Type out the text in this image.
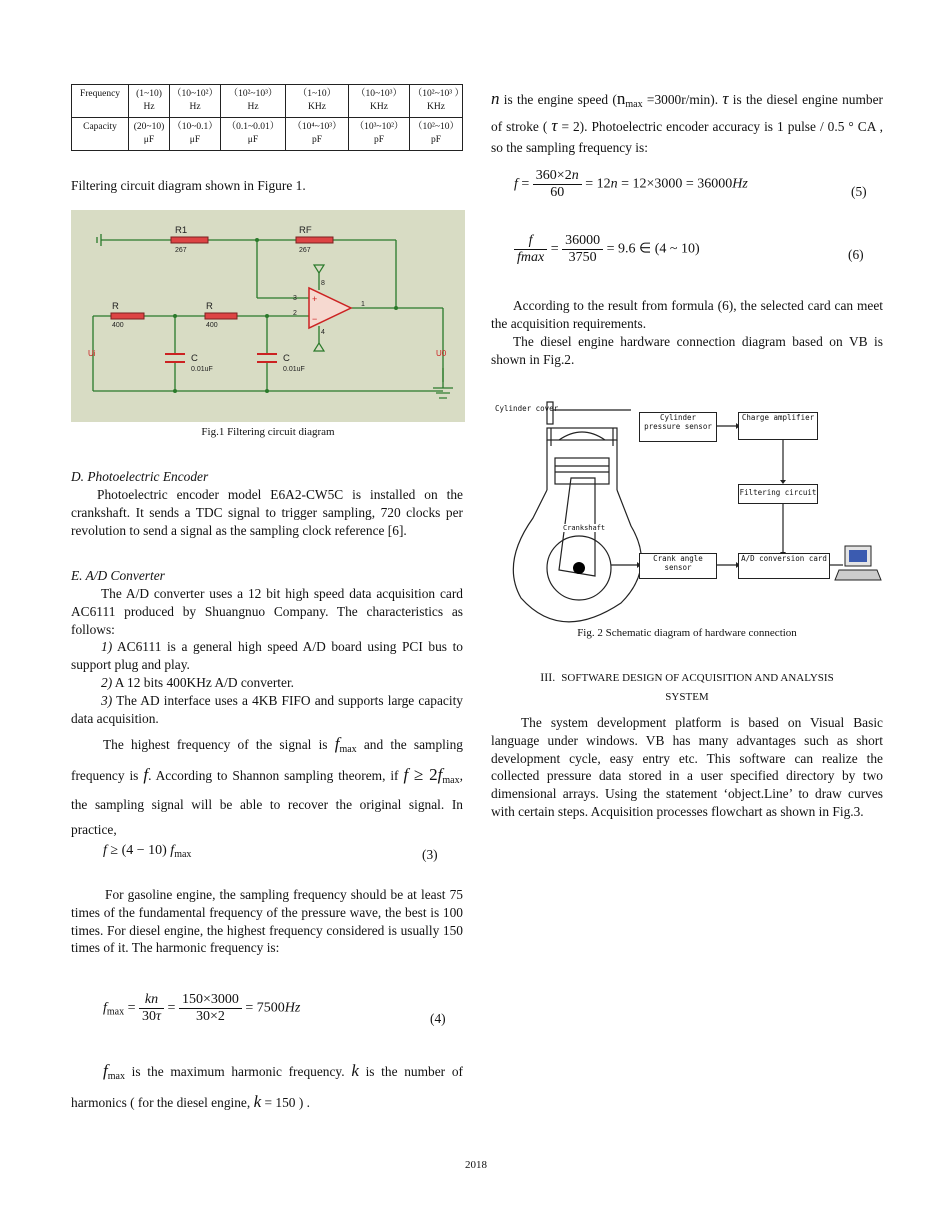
Frequency	(1~10) Hz	（10~10²） Hz	（10²~10³） Hz	（1~10） KHz	（10~10³） KHz	（10²~10³ ）KHz
Capacity	(20~10) μF	（10~0.1） μF	（0.1~0.01） μF	（10⁴~10³） pF	（10³~10²） pF	（10²~10） pF
Filtering circuit diagram shown in Figure 1.
R1
267
RF
267
R
400
R
400
C
0.01uF
C
0.01uF
3
2
1
8
4
+
−
Ui	U0
Fig.1 Filtering circuit diagram
D. Photoelectric Encoder
Photoelectric encoder model E6A2-CW5C is installed on the crankshaft. It sends a TDC signal to trigger sampling, 720 clocks per revolution to send a signal as the sampling clock reference [6].
E. A/D Converter
The A/D converter uses a 12 bit high speed data acquisition card AC6111 produced by Shuangnuo Company. The characteristics as follows:
1) AC6111 is a general high speed A/D board using PCI bus to support plug and play.
2) A 12 bits 400KHz A/D converter.
3) The AD interface uses a 4KB FIFO and supports large capacity data acquisition.
The highest frequency of the signal is $f_{max}$ and the sampling frequency is f. According to Shannon sampling theorem, if $f \ge 2f_{max}$, the sampling signal will be able to recover the original signal. In practice,
f ≥ (4 − 10) $f_{max}$	(3)
For gasoline engine, the sampling frequency should be at least 75 times of the fundamental frequency of the pressure wave, the best is 100 times. For diesel engine, the highest frequency considered is usually 150 times of it. The harmonic frequency is:
$f_{max} = \frac{kn}{30\tau} = \frac{150\times 3000}{30\times 2} = 7500Hz$
(4)
$f_{max}$ is the maximum harmonic frequency. k is the number of harmonics ( for the diesel engine, k = 150 ) .
n is the engine speed $(n_{max} =3000r/\min)$. τ is the diesel engine number of stroke ( τ = 2). Photoelectric encoder accuracy is 1 pulse / 0.5 ° CA , so the sampling frequency is:
$f = \frac{360\times 2n}{60} = 12n = 12\times 3000 = 36000Hz$	(5)
$\frac{f}{fmax} = \frac{36000}{3750} = 9.6$ ∈ (4 ~ 10)	(6)
According to the result from formula (6), the selected card can meet the acquisition requirements.
The diesel engine hardware connection diagram based on VB is shown in Fig.2.
Cylinder pressure sensor
Charge amplifier
Filtering circuit
Crank angle sensor
A/D conversion card
Cylinder cover
Crankshaft
Fig. 2 Schematic diagram of hardware connection
III. SOFTWARE DESIGN OF ACQUISITION AND ANALYSIS
SYSTEM
The system development platform is based on Visual Basic language under windows. VB has many advantages such as short development cycle, easy entry etc. This software can realize the collected pressure data stored in a user specified directory by two dimensional arrays. Using the statement ‘object.Line’ to draw curves with certain steps. Acquisition processes flowchart as shown in Fig.3.
2018
